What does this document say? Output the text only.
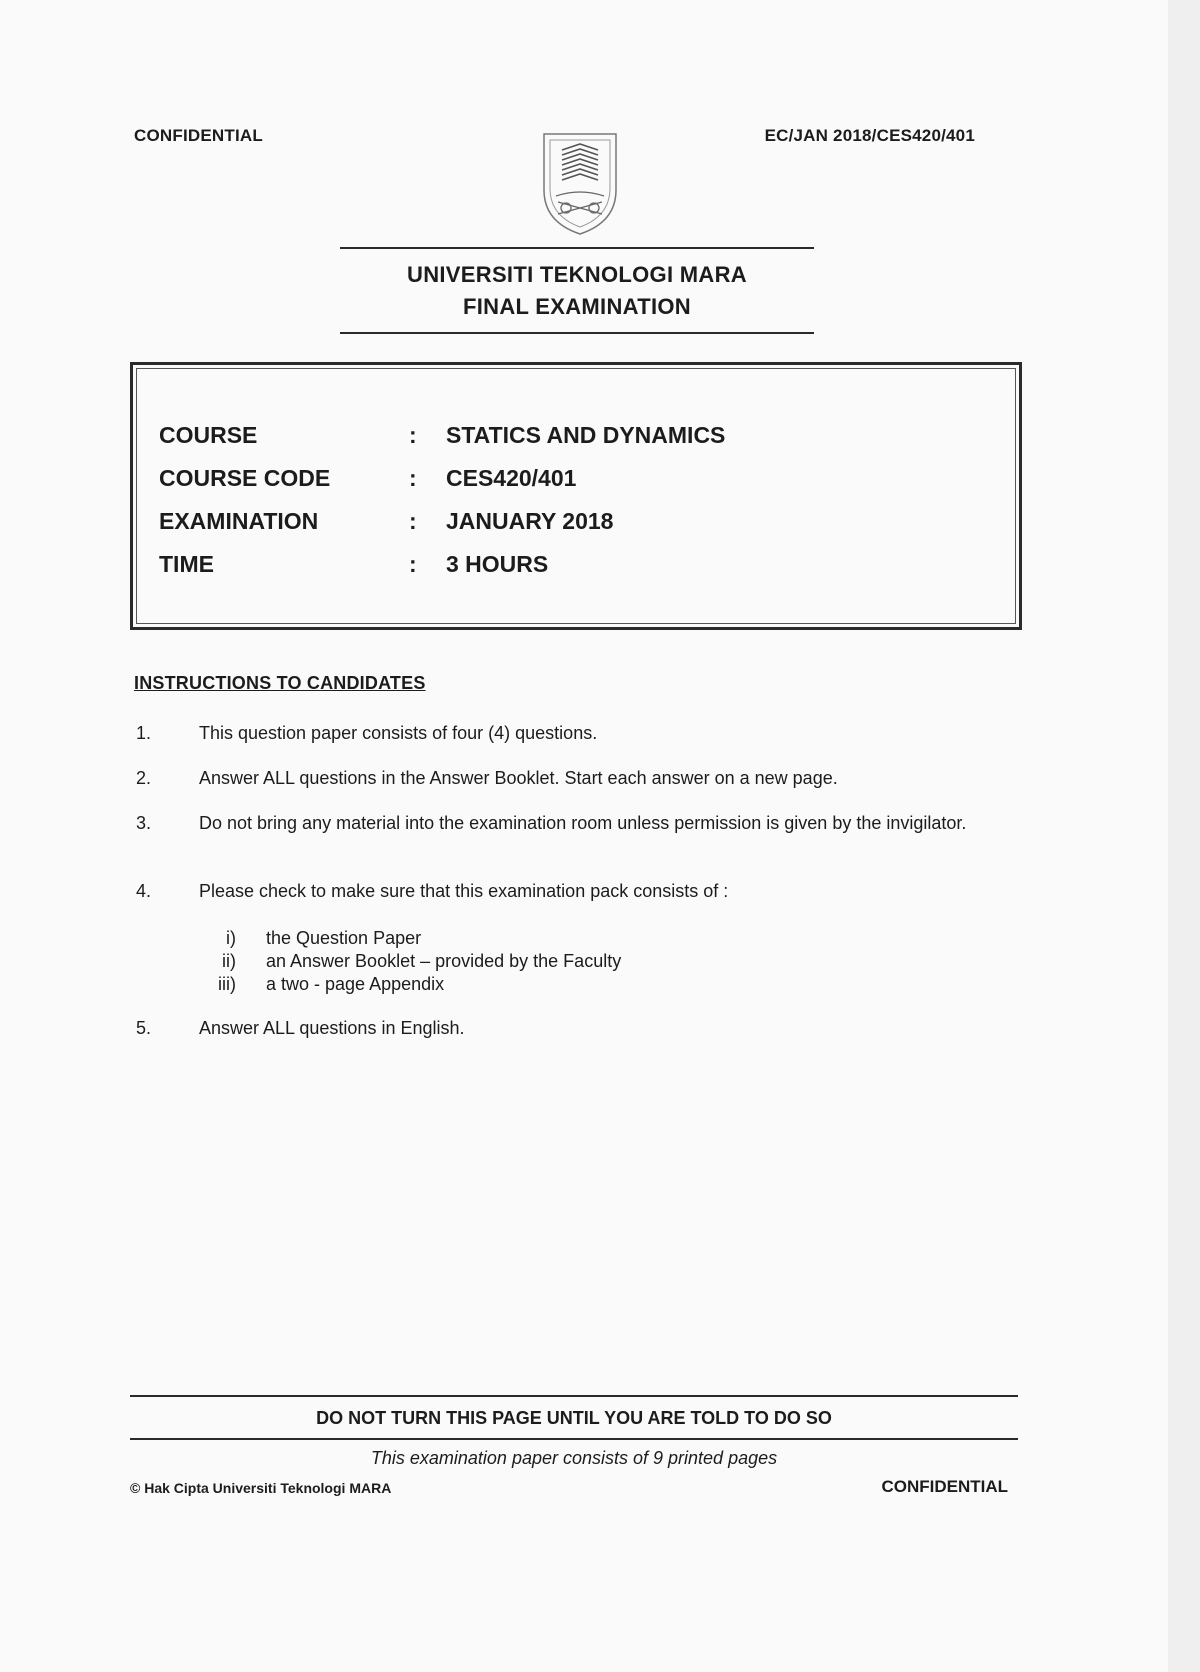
CONFIDENTIAL	EC/JAN 2018/CES420/401
UNIVERSITI TEKNOLOGI MARA
FINAL EXAMINATION
COURSE	: STATICS AND DYNAMICS
COURSE CODE	: CES420/401
EXAMINATION	: JANUARY 2018
TIME	: 3 HOURS
INSTRUCTIONS TO CANDIDATES
1.	This question paper consists of four (4) questions.
2.	Answer ALL questions in the Answer Booklet. Start each answer on a new page.
3.	Do not bring any material into the examination room unless permission is given by the invigilator.
4.	Please check to make sure that this examination pack consists of :
i) the Question Paper
ii) an Answer Booklet – provided by the Faculty
iii) a two - page Appendix
5.	Answer ALL questions in English.
DO NOT TURN THIS PAGE UNTIL YOU ARE TOLD TO DO SO
This examination paper consists of 9 printed pages
© Hak Cipta Universiti Teknologi MARA	CONFIDENTIAL
